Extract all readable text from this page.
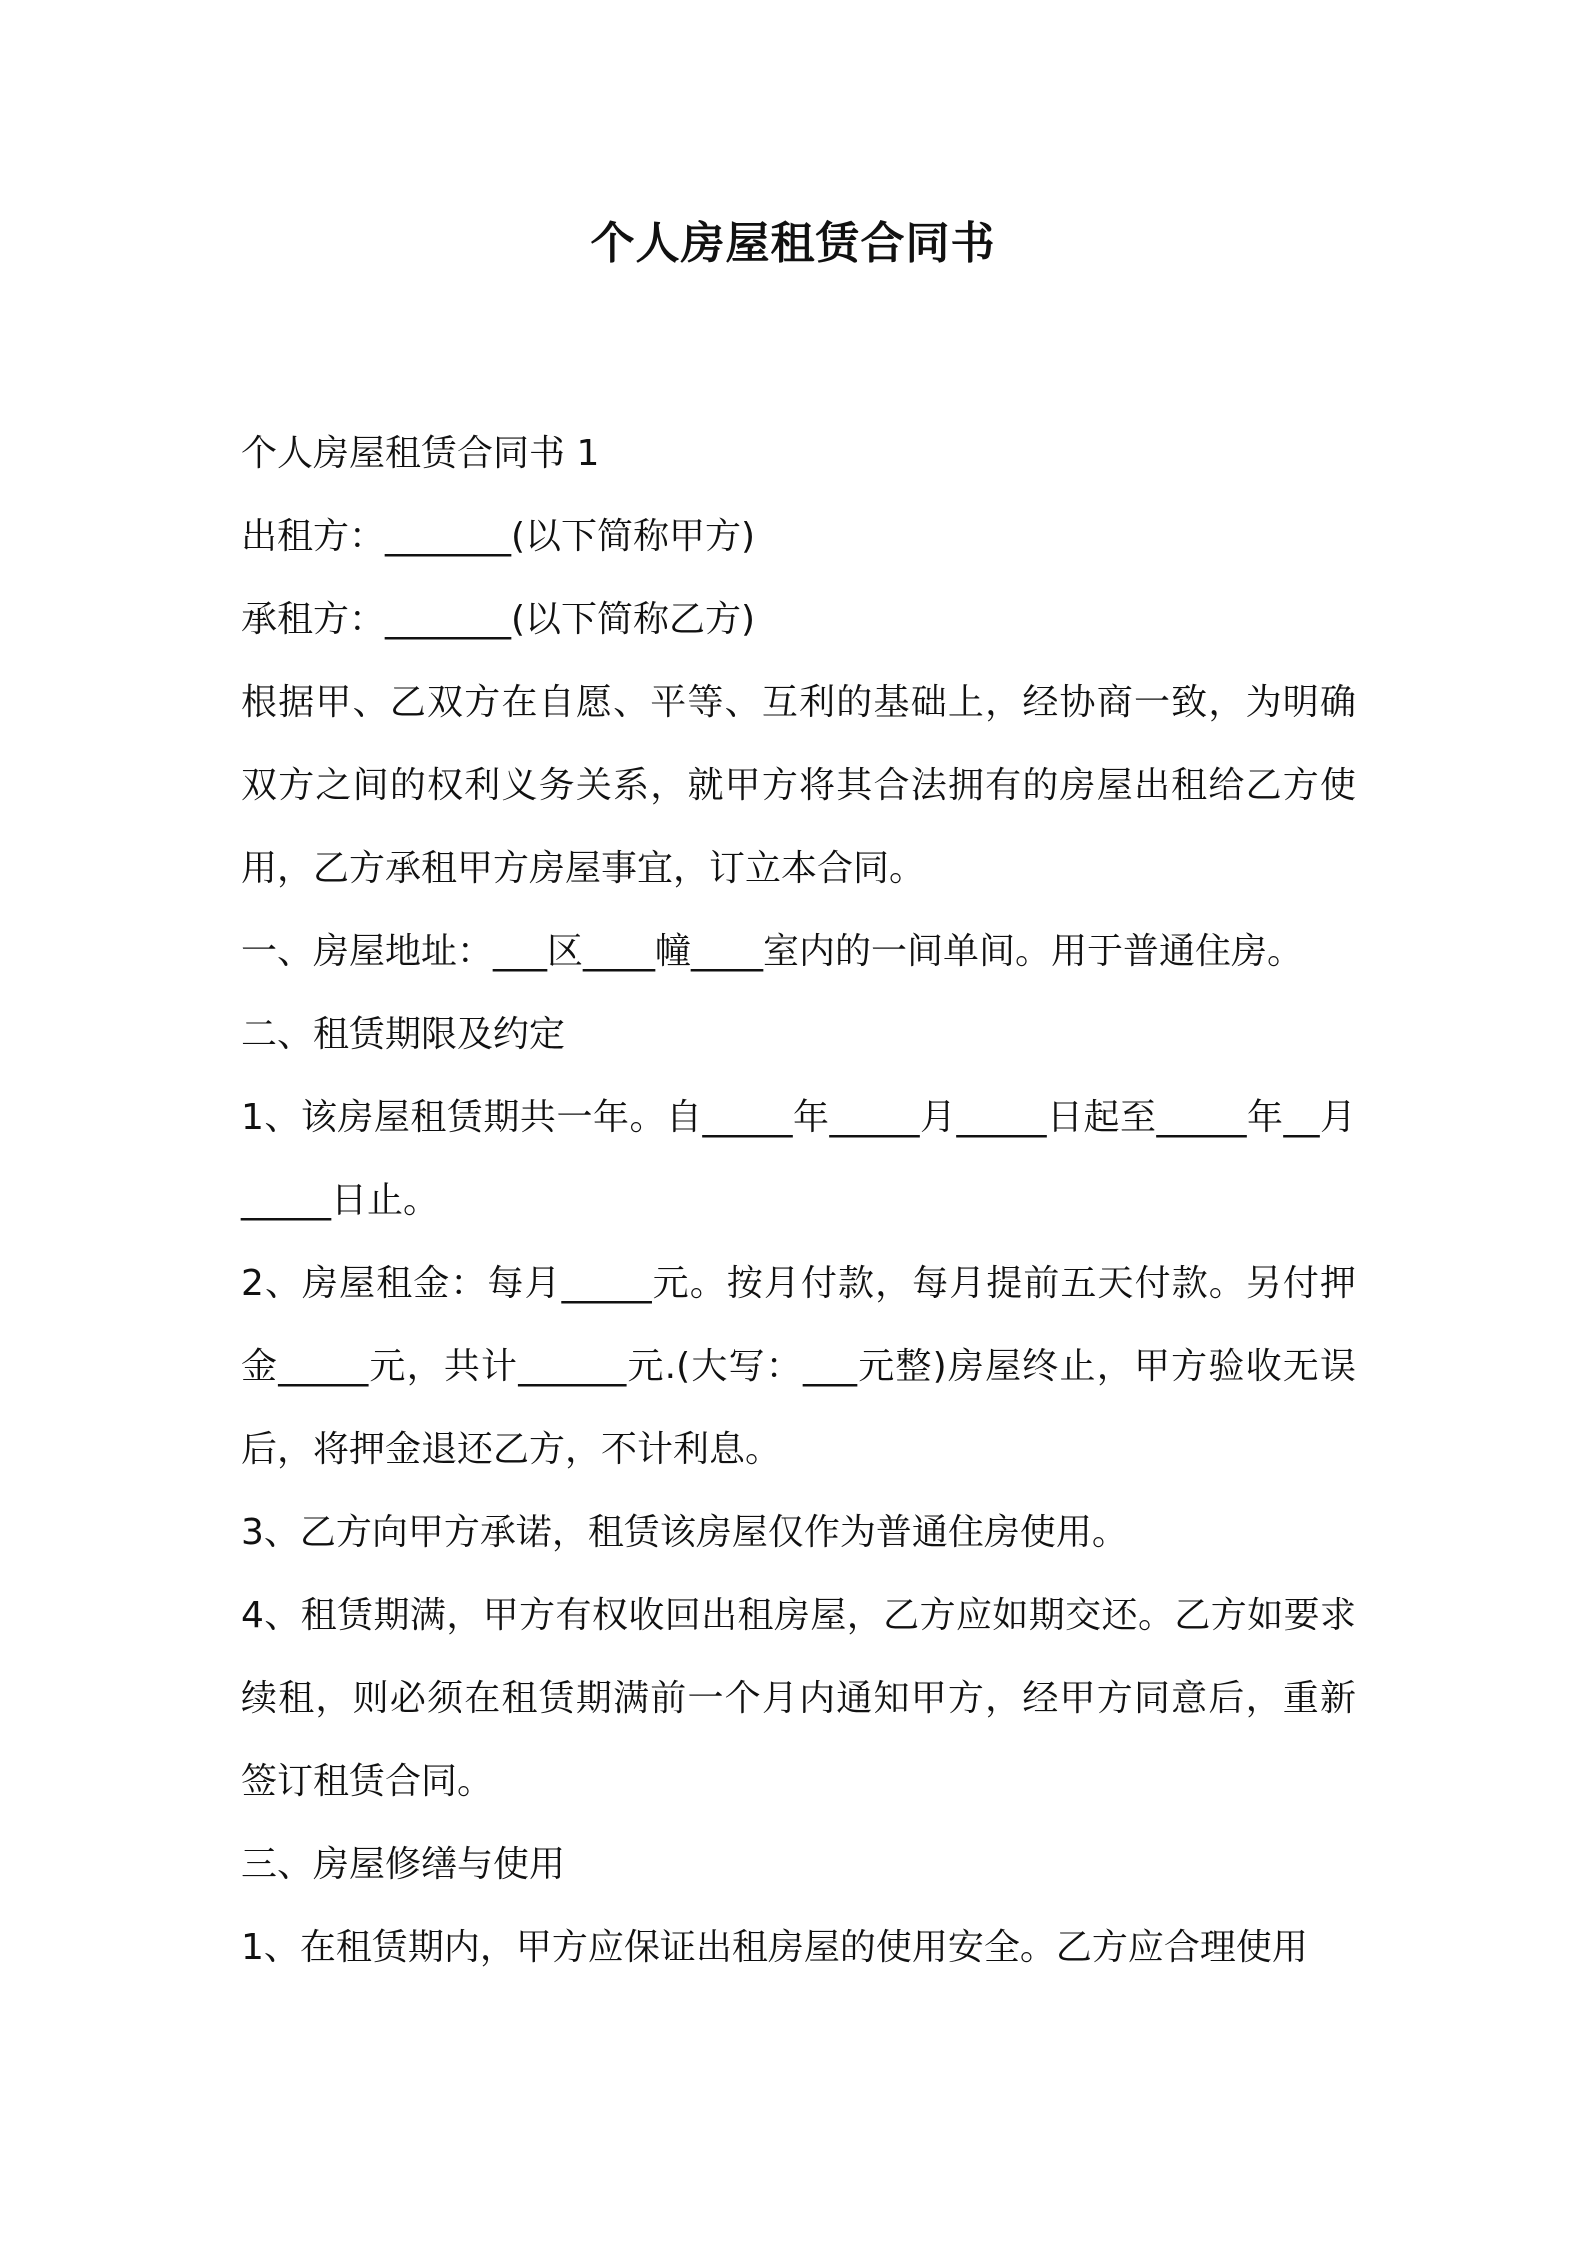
个人房屋租赁合同书

个人房屋租赁合同书 1

出租方：_______(以下简称甲方)

承租方：_______(以下简称乙方)

根据甲、乙双方在自愿、平等、互利的基础上，经协商一致，为明确双方之间的权利义务关系，就甲方将其合法拥有的房屋出租给乙方使用，乙方承租甲方房屋事宜，订立本合同。

一、房屋地址：___区____幢____室内的一间单间。用于普通住房。

二、租赁期限及约定

1、该房屋租赁期共一年。自_____年_____月_____日起至_____年__月_____日止。

2、房屋租金：每月_____元。按月付款，每月提前五天付款。另付押金_____元，共计______元.(大写：___元整)房屋终止，甲方验收无误后，将押金退还乙方，不计利息。

3、乙方向甲方承诺，租赁该房屋仅作为普通住房使用。

4、租赁期满，甲方有权收回出租房屋，乙方应如期交还。乙方如要求续租，则必须在租赁期满前一个月内通知甲方，经甲方同意后，重新签订租赁合同。

三、房屋修缮与使用

1、在租赁期内，甲方应保证出租房屋的使用安全。乙方应合理使用
